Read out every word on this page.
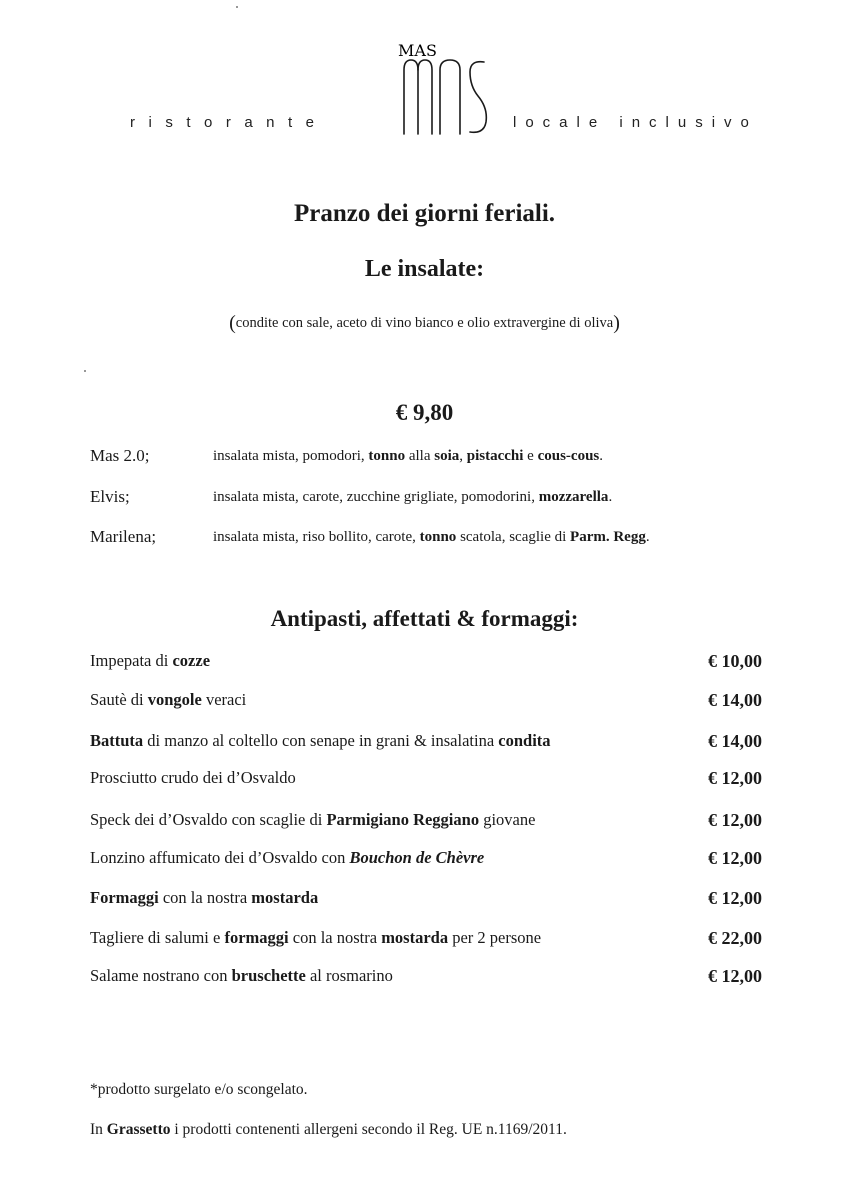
ristorante
MAS
locale inclusivo
Pranzo dei giorni feriali.
Le insalate:
(condite con sale, aceto di vino bianco e olio extravergine di oliva)
€ 9,80
Mas 2.0;	insalata mista, pomodori, tonno alla soia, pistacchi e cous-cous.
Elvis;	insalata mista, carote, zucchine grigliate, pomodorini, mozzarella.
Marilena;	insalata mista, riso bollito, carote, tonno scatola, scaglie di Parm. Regg.
Antipasti, affettati & formaggi:
Impepata di cozze	€ 10,00
Sautè di vongole veraci	€ 14,00
Battuta di manzo al coltello con senape in grani & insalatina condita	€ 14,00
Prosciutto crudo dei d’Osvaldo	€ 12,00
Speck dei d’Osvaldo con scaglie di Parmigiano Reggiano giovane	€ 12,00
Lonzino affumicato dei d’Osvaldo con Bouchon de Chèvre	€ 12,00
Formaggi con la nostra mostarda	€ 12,00
Tagliere di salumi e formaggi con la nostra mostarda per 2 persone	€ 22,00
Salame nostrano con bruschette al rosmarino	€ 12,00
*prodotto surgelato e/o scongelato.
In Grassetto i prodotti contenenti allergeni secondo il Reg. UE n.1169/2011.
